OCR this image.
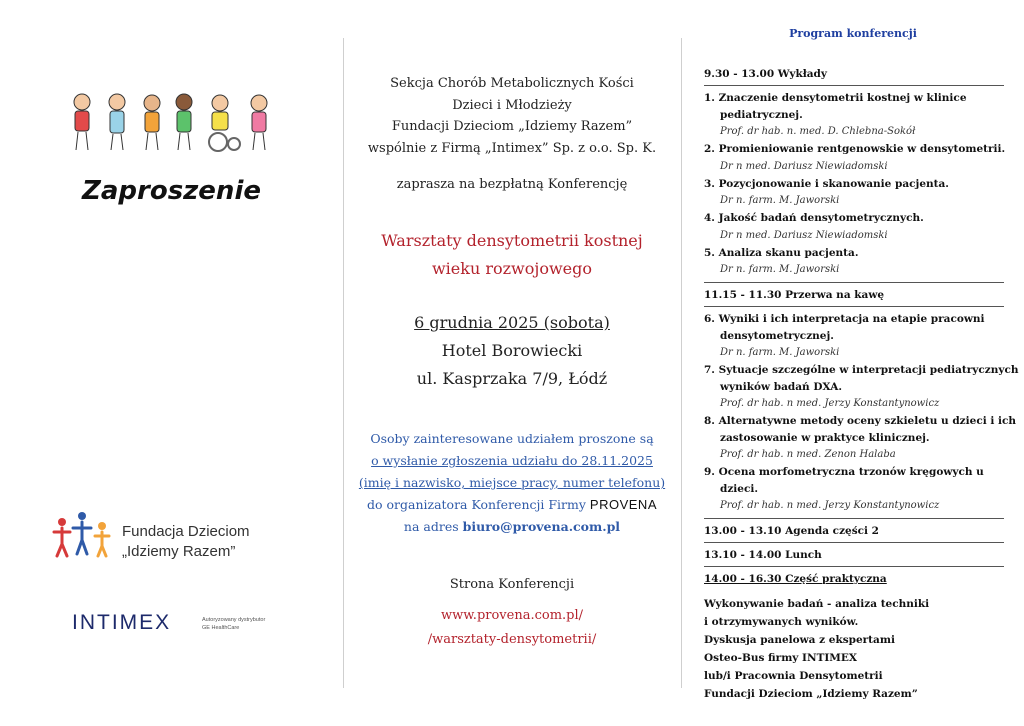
Zaproszenie
Fundacja Dzieciom
„Idziemy Razem”
INTIMEX	Autoryzowany dystrybutor
GE HealthCare
Sekcja Chorób Metabolicznych Kości
Dzieci i Młodzieży
Fundacji Dzieciom „Idziemy Razem”
wspólnie z Firmą „Intimex” Sp. z o.o. Sp. K.
zaprasza na bezpłatną Konferencję
Warsztaty densytometrii kostnej
wieku rozwojowego
6 grudnia 2025 (sobota)
Hotel Borowiecki
ul. Kasprzaka 7/9, Łódź
Osoby zainteresowane udziałem proszone są
o wysłanie zgłoszenia udziału do 28.11.2025
(imię i nazwisko, miejsce pracy, numer telefonu)
do organizatora Konferencji Firmy PROVENA
na adres biuro@provena.com.pl
Strona Konferencji
www.provena.com.pl/
/warsztaty-densytometrii/
Program konferencji
9.30 - 13.00 Wykłady
1. Znaczenie densytometrii kostnej w klinice pediatrycznej.
Prof. dr hab. n. med. D. Chlebna-Sokół
2. Promieniowanie rentgenowskie w densytometrii.
Dr n med. Dariusz Niewiadomski
3. Pozycjonowanie i skanowanie pacjenta.
Dr n. farm. M. Jaworski
4. Jakość badań densytometrycznych.
Dr n med. Dariusz Niewiadomski
5. Analiza skanu pacjenta.
Dr n. farm. M. Jaworski
11.15 - 11.30 Przerwa na kawę
6. Wyniki i ich interpretacja na etapie pracowni densytometrycznej.
Dr n. farm. M. Jaworski
7. Sytuacje szczególne w interpretacji pediatrycznych wyników badań DXA.
Prof. dr hab. n med. Jerzy Konstantynowicz
8. Alternatywne metody oceny szkieletu u dzieci i ich zastosowanie w praktyce klinicznej.
Prof. dr hab. n med. Zenon Halaba
9. Ocena morfometryczna trzonów kręgowych u dzieci.
Prof. dr hab. n med. Jerzy Konstantynowicz
13.00 - 13.10 Agenda części 2
13.10 - 14.00 Lunch
14.00 - 16.30 Część praktyczna
Wykonywanie badań - analiza techniki
i otrzymywanych wyników.
Dyskusja panelowa z ekspertami
Osteo-Bus firmy INTIMEX
lub/i Pracownia Densytometrii
Fundacji Dzieciom „Idziemy Razem”
